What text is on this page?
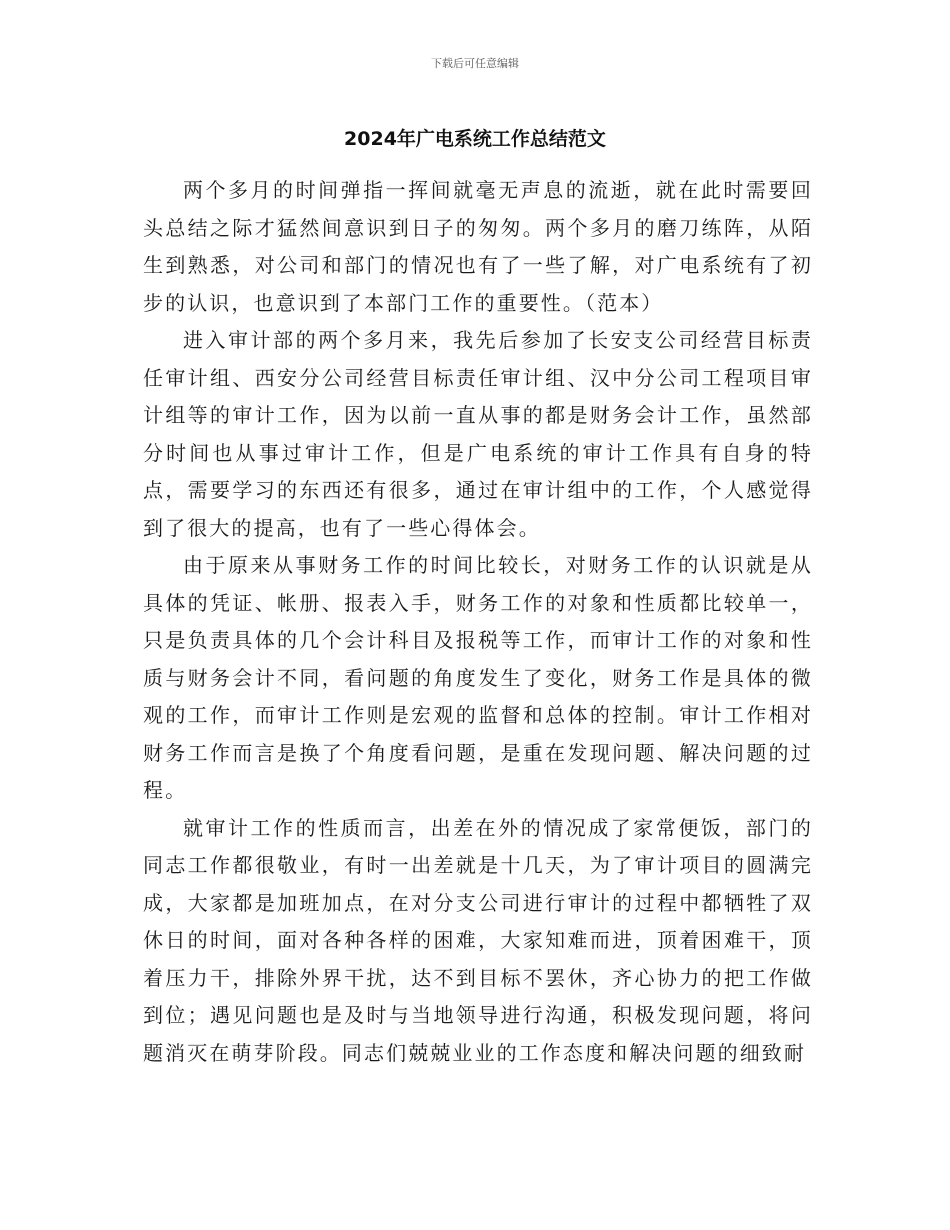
下载后可任意编辑
2024年广电系统工作总结范文

两个多月的时间弹指一挥间就毫无声息的流逝，就在此时需要回头总结之际才猛然间意识到日子的匆匆。两个多月的磨刀练阵，从陌生到熟悉，对公司和部门的情况也有了一些了解，对广电系统有了初步的认识，也意识到了本部门工作的重要性。（范本）

进入审计部的两个多月来，我先后参加了长安支公司经营目标责任审计组、西安分公司经营目标责任审计组、汉中分公司工程项目审计组等的审计工作，因为以前一直从事的都是财务会计工作，虽然部分时间也从事过审计工作，但是广电系统的审计工作具有自身的特点，需要学习的东西还有很多，通过在审计组中的工作，个人感觉得到了很大的提高，也有了一些心得体会。

由于原来从事财务工作的时间比较长，对财务工作的认识就是从具体的凭证、帐册、报表入手，财务工作的对象和性质都比较单一，只是负责具体的几个会计科目及报税等工作，而审计工作的对象和性质与财务会计不同，看问题的角度发生了变化，财务工作是具体的微观的工作，而审计工作则是宏观的监督和总体的控制。审计工作相对财务工作而言是换了个角度看问题，是重在发现问题、解决问题的过程。

就审计工作的性质而言，出差在外的情况成了家常便饭，部门的同志工作都很敬业，有时一出差就是十几天，为了审计项目的圆满完成，大家都是加班加点，在对分支公司进行审计的过程中都牺牲了双休日的时间，面对各种各样的困难，大家知难而进，顶着困难干，顶着压力干，排除外界干扰，达不到目标不罢休，齐心协力的把工作做到位；遇见问题也是及时与当地领导进行沟通，积极发现问题，将问题消灭在萌芽阶段。同志们兢兢业业的工作态度和解决问题的细致耐
